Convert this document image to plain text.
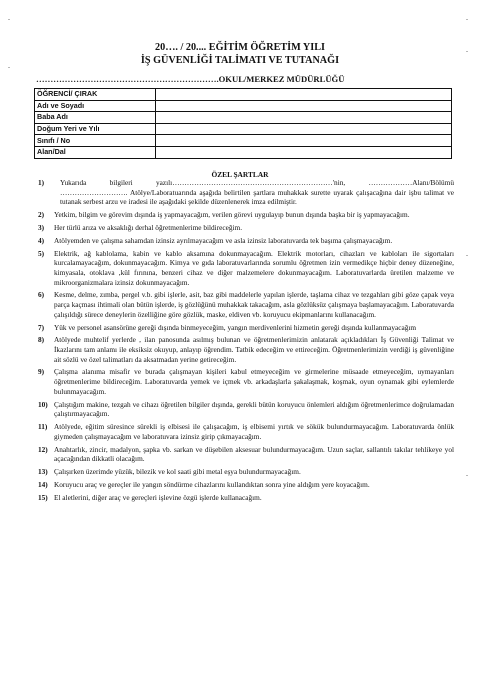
.	.
.
.
.
.
20…. / 20.... EĞİTİM ÖĞRETİM YILI
İŞ GÜVENLİĞİ TALİMATI VE TUTANAĞI
……………………………………………………….OKUL/MERKEZ MÜDÜRLÜĞÜ
ÖĞRENCİ/ ÇIRAK	
Adı ve Soyadı	
Baba Adı	
Doğum Yeri ve Yılı	
Sınıfı / No	
Alan/Dal	
ÖZEL ŞARTLAR
1) Yukarıda bilgileri yazılı…………………………………………………………'nin, ………………Alanı/Bölümü ………………………. Atölye/Laboratuarında aşağıda belirtilen şartlara muhakkak surette uyarak çalışacağına dair işbu talimat ve tutanak serbest arzu ve iradesi ile aşağıdaki şekilde düzenlenerek imza edilmiştir.
2) Yetkim, bilgim ve görevim dışında iş yapmayacağım, verilen görevi uygulayıp bunun dışında başka bir iş yapmayacağım.
3) Her türlü arıza ve aksaklığı derhal öğretmenlerime bildireceğim.
4) Atölyemden ve çalışma sahamdan izinsiz ayrılmayacağım ve asla izinsiz laboratuvarda tek başıma çalışmayacağım.
5) Elektrik, ağ kablolama, kabin ve kablo aksamına dokunmayacağım. Elektrik motorları, cihazları ve kabloları ile sigortaları kurcalamayacağım, dokunmayacağım. Kimya ve gıda laboratuvarlarında sorumlu öğretmen izin vermedikçe hiçbir deney düzeneğine, kimyasala, otoklava ,kül fırınına, benzeri cihaz ve diğer malzemelere dokunmayacağım. Laboratuvarlarda üretilen malzeme ve mikroorganizmalara izinsiz dokunmayacağım.
6) Kesme, delme, zımba, pergel v.b. gibi işlerle, asit, baz gibi maddelerle yapılan işlerde, taşlama cihaz ve tezgahları gibi göze çapak veya parça kaçması ihtimali olan bütün işlerde, iş gözlüğünü muhakkak takacağım, asla gözlüksüz çalışmaya başlamayacağım. Laboratuvarda çalışıldığı sürece deneylerin özelliğine göre gözlük, maske, eldiven vb. koruyucu ekipmanlarını kullanacağım.
7) Yük ve personel asansörüne gereği dışında binmeyeceğim, yangın merdivenlerini hizmetin gereği dışında kullanmayacağım
8) Atölyede muhtelif yerlerde , ilan panosunda asılmış bulunan ve öğretmenlerimizin anlatarak açıkladıkları İş Güvenliği Talimat ve İkazlarını tam anlamı ile eksiksiz okuyup, anlayıp öğrendim. Tatbik edeceğim ve ettireceğim. Öğretmenlerimizin verdiği iş güvenliğine ait sözlü ve özel talimatları da aksatmadan yerine getireceğim.
9) Çalışma alanıma misafir ve burada çalışmayan kişileri kabul etmeyeceğim ve girmelerine müsaade etmeyeceğim, uymayanları öğretmenlerime bildireceğim. Laboratuvarda yemek ve içmek vb. arkadaşlarla şakalaşmak, koşmak, oyun oynamak gibi eylemlerde bulunmayacağım.
10) Çalıştığım makine, tezgah ve cihazı öğretilen bilgiler dışında, gerekli bütün koruyucu önlemleri aldığım öğretmenlerimce doğrulamadan çalıştırmayacağım.
11) Atölyede, eğitim süresince sürekli iş elbisesi ile çalışacağım, iş elbisemi yırtık ve sökük bulundurmayacağım. Laboratuvarda önlük giymeden çalışmayacağım ve laboratuvara izinsiz girip çıkmayacağım.
12) Anahtarlık, zincir, madalyon, şapka vb. sarkan ve düşebilen aksesuar bulundurmayacağım. Uzun saçlar, sallantılı takılar tehlikeye yol açacağından dikkatli olacağım.
13) Çalışırken üzerimde yüzük, bilezik ve kol saati gibi metal eşya bulundurmayacağım.
14) Koruyucu araç ve gereçler ile yangın söndürme cihazlarını kullandıktan sonra yine aldığım yere koyacağım.
15) El aletlerini, diğer araç ve gereçleri işlevine özgü işlerde kullanacağım.
